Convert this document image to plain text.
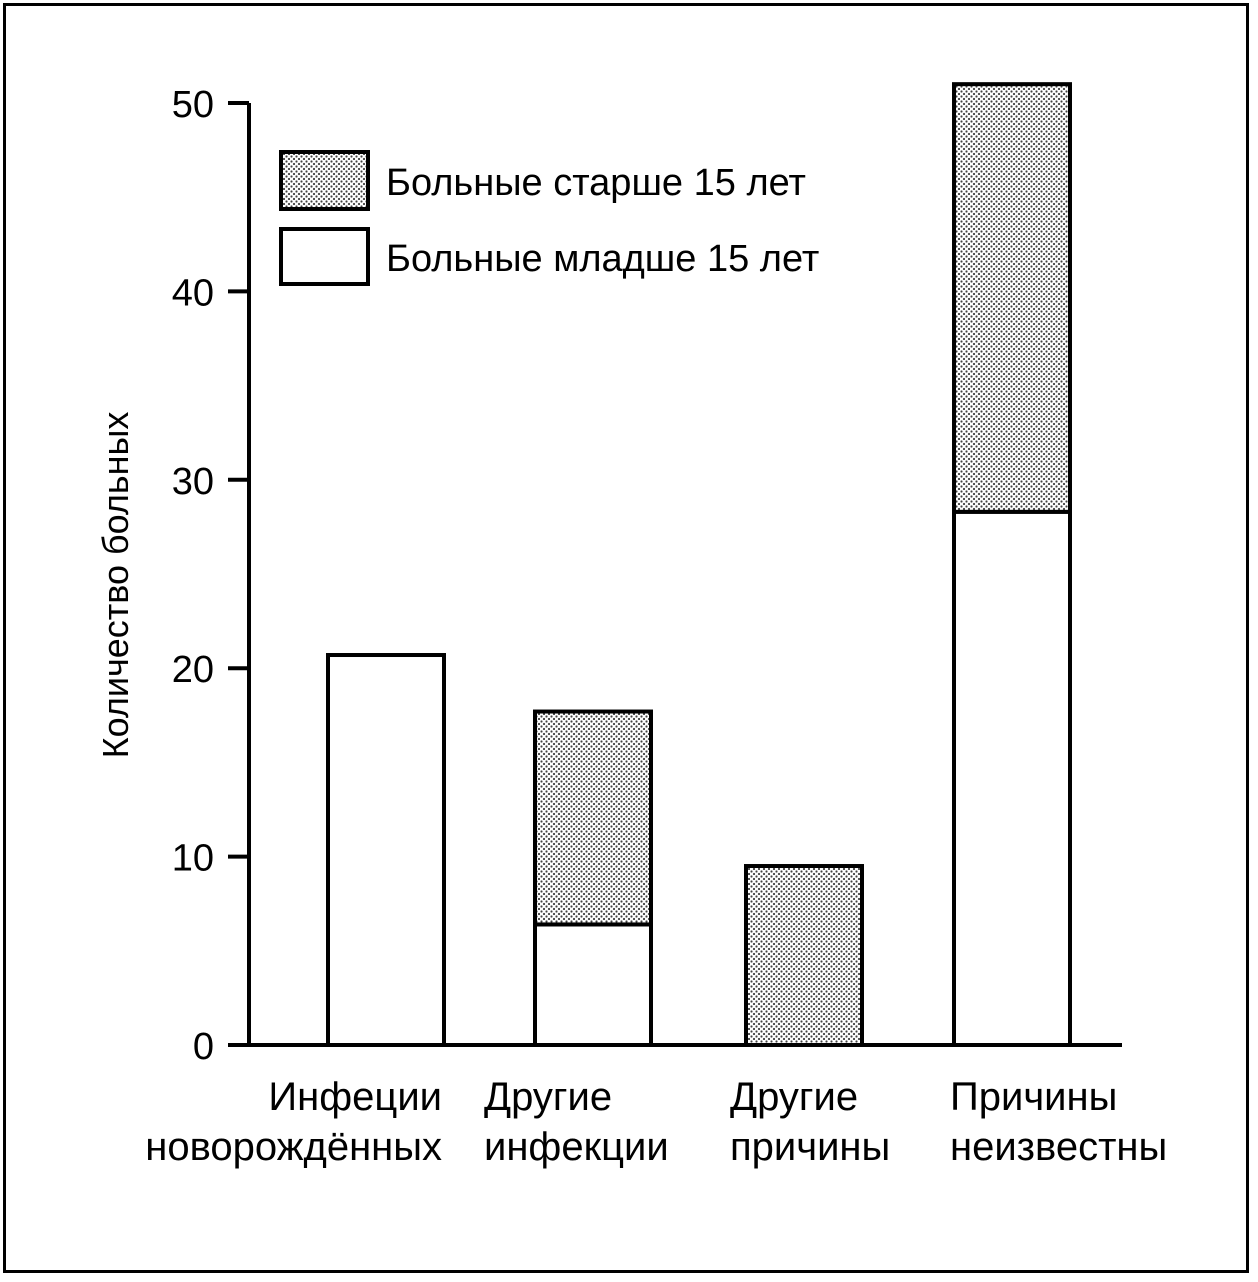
0
10
20
30
40
50
Инфеции
новорождённых
Другие
инфекции
Другие
причины
Причины
неизвестны
Количество больных
Больные старше 15 лет
Больные младше 15 лет
